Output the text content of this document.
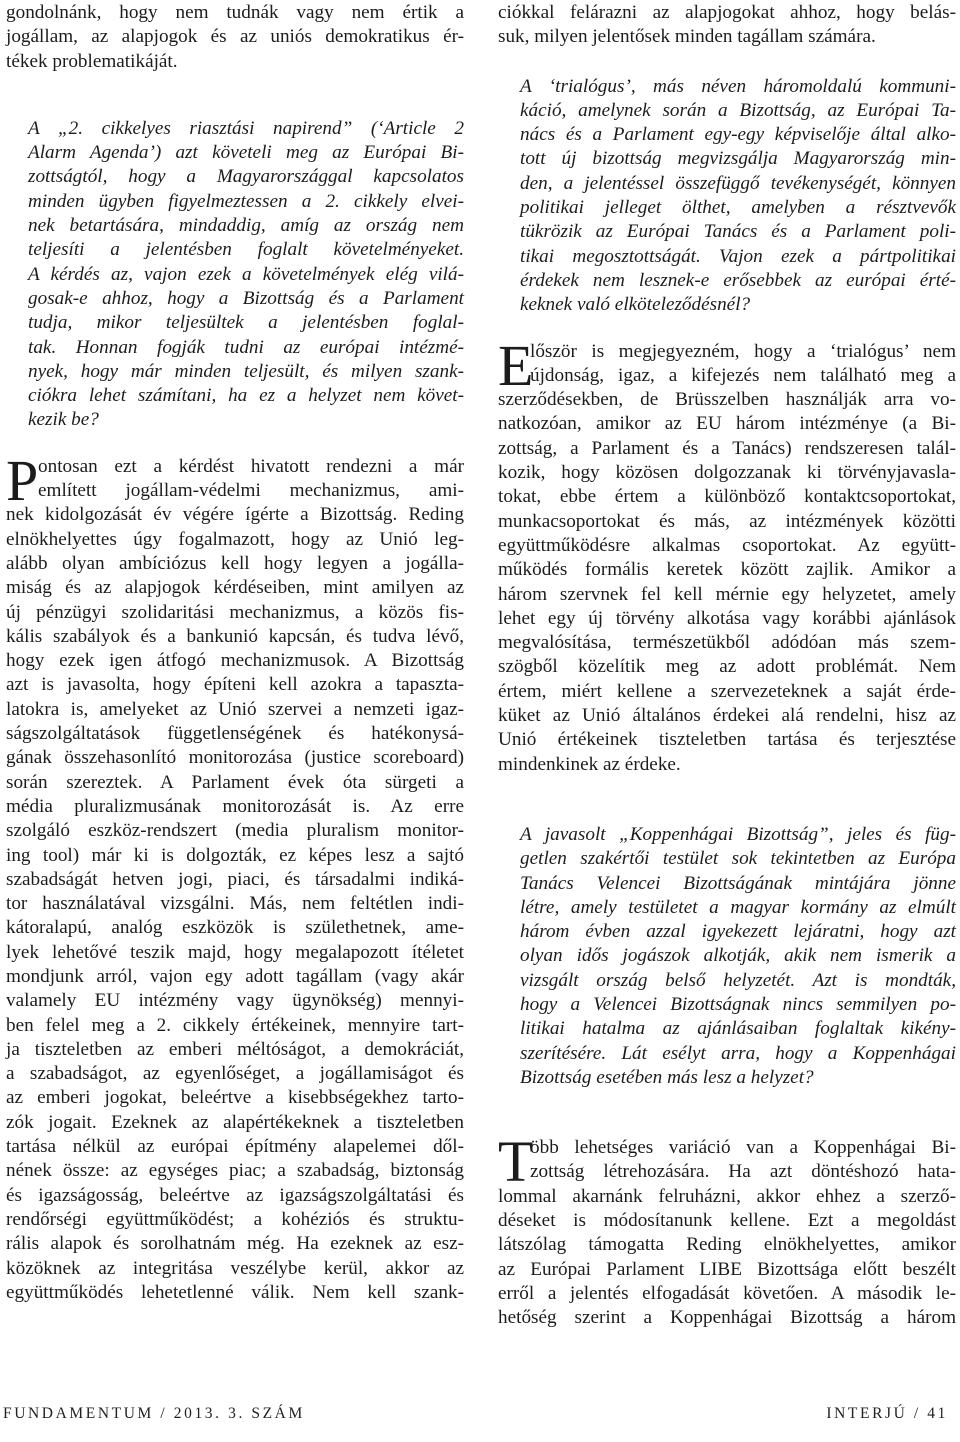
gondolnánk, hogy nem tudnák vagy nem értik a
jogállam, az alapjogok és az uniós demokratikus ér-
tékek problematikáját.
A „2. cikkelyes riasztási napirend” (‘Article 2
Alarm Agenda’) azt követeli meg az Európai Bi-
zottságtól, hogy a Magyarországgal kapcsolatos
minden ügyben figyelmeztessen a 2. cikkely elvei-
nek betartására, mindaddig, amíg az ország nem
teljesíti a jelentésben foglalt követelményeket.
A kérdés az, vajon ezek a követelmények elég vilá-
gosak-e ahhoz, hogy a Bizottság és a Parlament
tudja, mikor teljesültek a jelentésben foglal-
tak. Honnan fogják tudni az európai intézmé-
nyek, hogy már minden teljesült, és milyen szank-
ciókra lehet számítani, ha ez a helyzet nem követ-
kezik be?
P ontosan ezt a kérdést hivatott rendezni a már
említett jogállam-védelmi mechanizmus, ami-
nek kidolgozását év végére ígérte a Bizottság. Reding
elnökhelyettes úgy fogalmazott, hogy az Unió leg-
alább olyan ambíciózus kell hogy legyen a jogálla-
miság és az alapjogok kérdéseiben, mint amilyen az
új pénzügyi szolidaritási mechanizmus, a közös fis-
kális szabályok és a bankunió kapcsán, és tudva lévő,
hogy ezek igen átfogó mechanizmusok. A Bizottság
azt is javasolta, hogy építeni kell azokra a tapaszta-
latokra is, amelyeket az Unió szervei a nemzeti igaz-
ságszolgáltatások függetlenségének és hatékonysá-
gának összehasonlító monitorozása (justice scoreboard)
során szereztek. A Parlament évek óta sürgeti a
média pluralizmusának monitorozását is. Az erre
szolgáló eszköz-rendszert (media pluralism monitor-
ing tool) már ki is dolgozták, ez képes lesz a sajtó
szabadságát hetven jogi, piaci, és társadalmi indiká-
tor használatával vizsgálni. Más, nem feltétlen indi-
kátoralapú, analóg eszközök is születhetnek, ame-
lyek lehetővé teszik majd, hogy megalapozott ítéletet
mondjunk arról, vajon egy adott tagállam (vagy akár
valamely EU intézmény vagy ügynökség) mennyi-
ben felel meg a 2. cikkely értékeinek, mennyire tart-
ja tiszteletben az emberi méltóságot, a demokráciát,
a szabadságot, az egyenlőséget, a jogállamiságot és
az emberi jogokat, beleértve a kisebbségekhez tarto-
zók jogait. Ezeknek az alapértékeknek a tiszteletben
tartása nélkül az európai építmény alapelemei dől-
nének össze: az egységes piac; a szabadság, biztonság
és igazságosság, beleértve az igazságszolgáltatási és
rendőrségi együttműködést; a kohéziós és struktu-
rális alapok és sorolhatnám még. Ha ezeknek az esz-
közöknek az integritása veszélybe kerül, akkor az
együttműködés lehetetlenné válik. Nem kell szank-
ciókkal felárazni az alapjogokat ahhoz, hogy belás-
suk, milyen jelentősek minden tagállam számára.
A ‘trialógus’, más néven háromoldalú kommuni-
káció, amelynek során a Bizottság, az Európai Ta-
nács és a Parlament egy-egy képviselője által alko-
tott új bizottság megvizsgálja Magyarország min-
den, a jelentéssel összefüggő tevékenységét, könnyen
politikai jelleget ölthet, amelyben a résztvevők
tükrözik az Európai Tanács és a Parlament poli-
tikai megosztottságát. Vajon ezek a pártpolitikai
érdekek nem lesznek-e erősebbek az európai érté-
keknek való elköteleződésnél?
E
lőször is megjegyezném, hogy a ‘trialógus’ nem
újdonság, igaz, a kifejezés nem található meg a
szerződésekben, de Brüsszelben használják arra vo-
natkozóan, amikor az EU három intézménye (a Bi-
zottság, a Parlament és a Tanács) rendszeresen talál-
kozik, hogy közösen dolgozzanak ki törvényjavasla-
tokat, ebbe értem a különböző kontaktcsoportokat,
munkacsoportokat és más, az intézmények közötti
együttműködésre alkalmas csoportokat. Az együtt-
működés formális keretek között zajlik. Amikor a
három szervnek fel kell mérnie egy helyzetet, amely
lehet egy új törvény alkotása vagy korábbi ajánlások
megvalósítása, természetükből adódóan más szem-
szögből közelítik meg az adott problémát. Nem
értem, miért kellene a szervezeteknek a saját érde-
küket az Unió általános érdekei alá rendelni, hisz az
Unió értékeinek tiszteletben tartása és terjesztése
mindenkinek az érdeke.
A javasolt „Koppenhágai Bizottság”, jeles és füg-
getlen szakértői testület sok tekintetben az Európa
Tanács Velencei Bizottságának mintájára jönne
létre, amely testületet a magyar kormány az elmúlt
három évben azzal igyekezett lejáratni, hogy azt
olyan idős jogászok alkotják, akik nem ismerik a
vizsgált ország belső helyzetét. Azt is mondták,
hogy a Velencei Bizottságnak nincs semmilyen po-
litikai hatalma az ajánlásaiban foglaltak kikény-
szerítésére. Lát esélyt arra, hogy a Koppenhágai
Bizottság esetében más lesz a helyzet?
T
öbb lehetséges variáció van a Koppenhágai Bi-
zottság létrehozására. Ha azt döntéshozó hata-
lommal akarnánk felruházni, akkor ehhez a szerző-
déseket is módosítanunk kellene. Ezt a megoldást
látszólag támogatta Reding elnökhelyettes, amikor
az Európai Parlament LIBE Bizottsága előtt beszélt
erről a jelentés elfogadását követően. A második le-
hetőség szerint a Koppenhágai Bizottság a három
FUNDAMENTUM / 2013. 3. SZÁM	INTERJÚ / 41
